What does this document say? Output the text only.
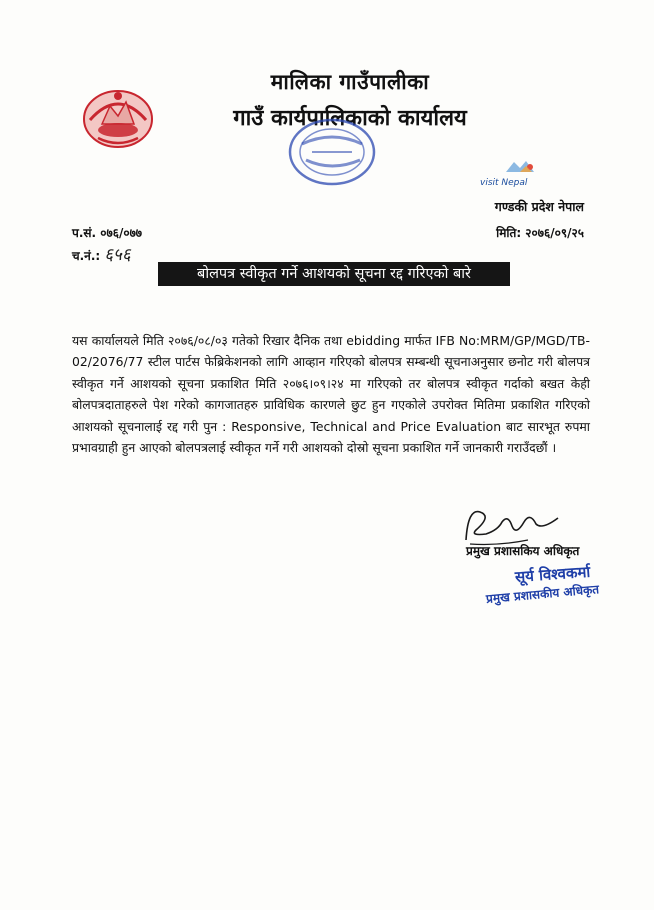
मालिका गाउँपालीका
गाउँ कार्यपालिकाको कार्यालय
visit Nepal
गण्डकी प्रदेश नेपाल
प.सं. ०७६/०७७
च.नं.: ६५६
मिति: २०७६/०९/२५
बोलपत्र स्वीकृत गर्ने आशयको सूचना रद्द गरिएको बारे

यस कार्यालयले मिति २०७६/०८/०३ गतेको रिखार दैनिक तथा ebidding मार्फत IFB No:MRM/GP/MGD/TB-02/2076/77 स्टील पार्टस फेब्रिकेशनको लागि आव्हान गरिएको बोलपत्र सम्बन्धी सूचनाअनुसार छनोट गरी बोलपत्र स्वीकृत गर्ने आशयको सूचना प्रकाशित मिति २०७६।०९।२४ मा गरिएको तर बोलपत्र स्वीकृत गर्दाको बखत केही बोलपत्रदाताहरुले पेश गरेको कागजातहरु प्राविधिक कारणले छुट हुन गएकोले उपरोक्त मितिमा प्रकाशित गरिएको आशयको सूचनालाई रद्द गरी पुन : Responsive, Technical and Price Evaluation बाट सारभूत रुपमा प्रभावग्राही हुन आएको बोलपत्रलाई स्वीकृत गर्ने गरी आशयको दोस्रो सूचना प्रकाशित गर्ने जानकारी गराउँदछौं ।

प्रमुख प्रशासकिय अधिकृत
सूर्य विश्वकर्मा
प्रमुख प्रशासकीय अधिकृत
